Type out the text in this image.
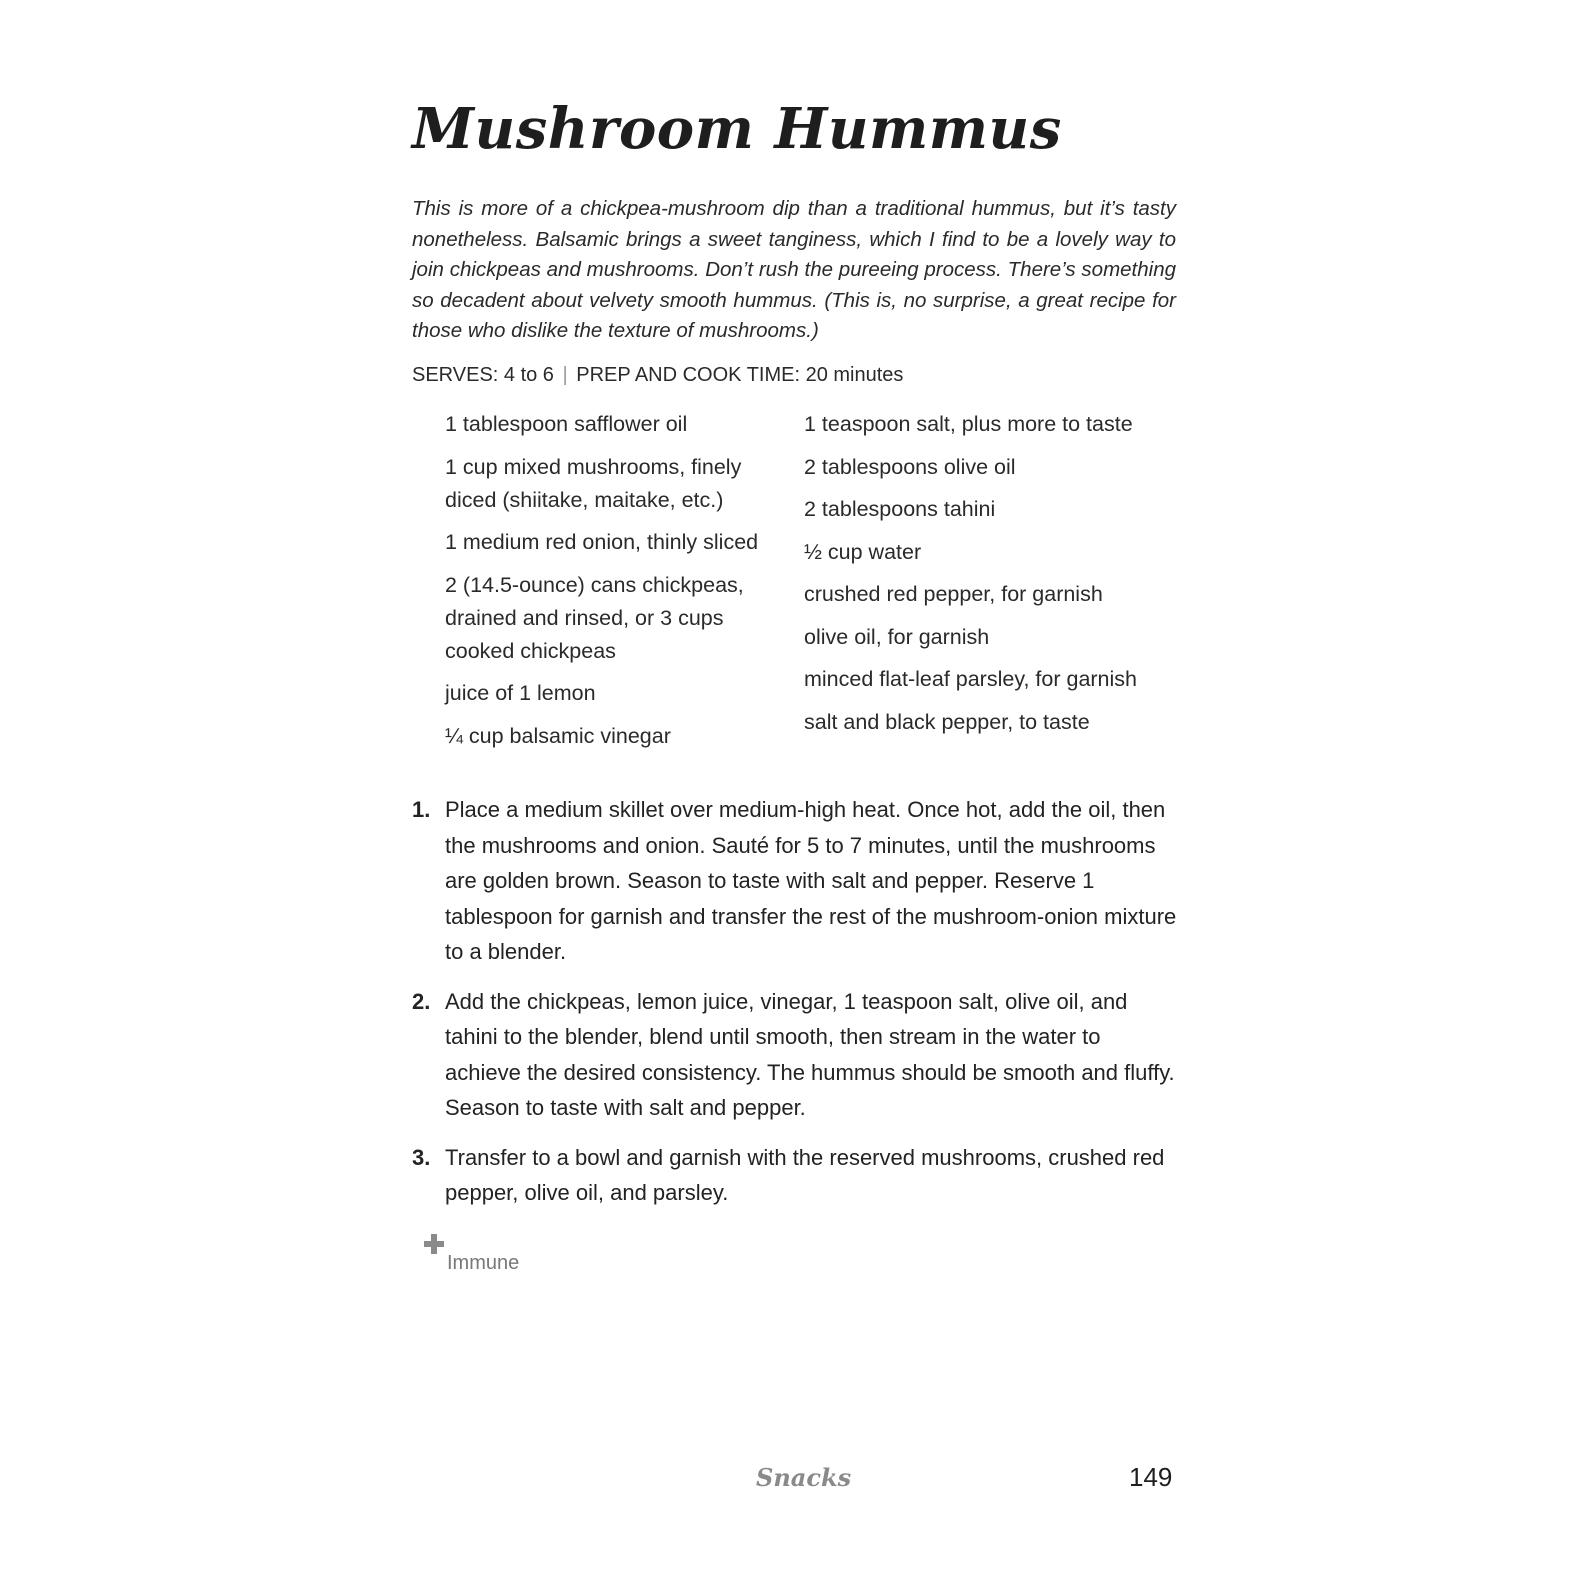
Mushroom Hummus

This is more of a chickpea-mushroom dip than a traditional hummus, but it’s tasty nonetheless. Balsamic brings a sweet tanginess, which I find to be a lovely way to join chickpeas and mushrooms. Don’t rush the pureeing process. There’s something so decadent about velvety smooth hummus. (This is, no surprise, a great recipe for those who dislike the texture of mushrooms.)

SERVES: 4 to 6 | PREP AND COOK TIME: 20 minutes
1 tablespoon safflower oil
1 cup mixed mushrooms, finely diced (shiitake, maitake, etc.)
1 medium red onion, thinly sliced
2 (14.5-ounce) cans chickpeas, drained and rinsed, or 3 cups cooked chickpeas
juice of 1 lemon
¼ cup balsamic vinegar
1 teaspoon salt, plus more to taste
2 tablespoons olive oil
2 tablespoons tahini
½ cup water
crushed red pepper, for garnish
olive oil, for garnish
minced flat-leaf parsley, for garnish
salt and black pepper, to taste
1. Place a medium skillet over medium-high heat. Once hot, add the oil, then the mushrooms and onion. Sauté for 5 to 7 minutes, until the mushrooms are golden brown. Season to taste with salt and pepper. Reserve 1 tablespoon for garnish and transfer the rest of the mushroom-onion mixture to a blender.
2. Add the chickpeas, lemon juice, vinegar, 1 teaspoon salt, olive oil, and tahini to the blender, blend until smooth, then stream in the water to achieve the desired consistency. The hummus should be smooth and fluffy. Season to taste with salt and pepper.
3. Transfer to a bowl and garnish with the reserved mushrooms, crushed red pepper, olive oil, and parsley.
Immune
Snacks	149
